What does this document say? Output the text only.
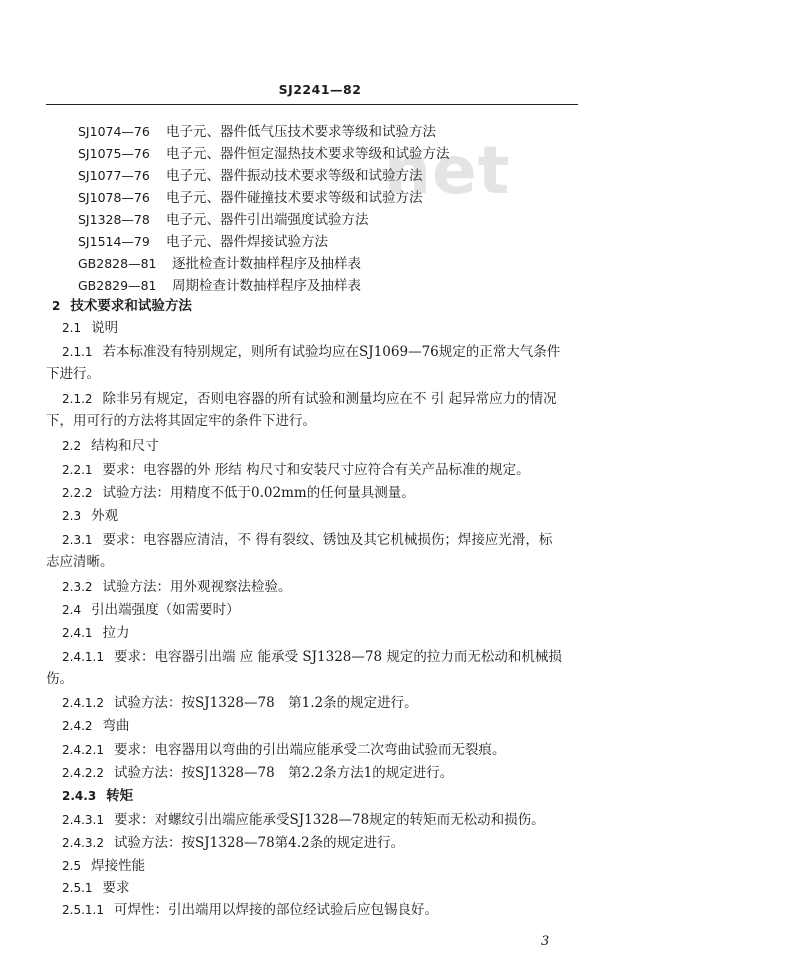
SJ2241—82
net
SJ1074—76 电子元、器件低气压技术要求等级和试验方法
SJ1075—76 电子元、器件恒定湿热技术要求等级和试验方法
SJ1077—76 电子元、器件振动技术要求等级和试验方法
SJ1078—76 电子元、器件碰撞技术要求等级和试验方法
SJ1328—78 电子元、器件引出端强度试验方法
SJ1514—79 电子元、器件焊接试验方法
GB2828—81 逐批检查计数抽样程序及抽样表
GB2829—81 周期检查计数抽样程序及抽样表
2 技术要求和试验方法
2.1 说明
2.1.1 若本标准没有特别规定，则所有试验均应在SJ1069—76规定的正常大气条件
下进行。
2.1.2 除非另有规定，否则电容器的所有试验和测量均应在不 引 起异常应力的情况
下，用可行的方法将其固定牢的条件下进行。
2.2 结构和尺寸
2.2.1 要求：电容器的外 形结 构尺寸和安装尺寸应符合有关产品标准的规定。
2.2.2 试验方法：用精度不低于0.02mm的任何量具测量。
2.3 外观
2.3.1 要求：电容器应清洁，不 得有裂纹、锈蚀及其它机械损伤；焊接应光滑，标
志应清晰。
2.3.2 试验方法：用外观视察法检验。
2.4 引出端强度（如需要时）
2.4.1 拉力
2.4.1.1 要求：电容器引出端 应 能承受 SJ1328—78 规定的拉力而无松动和机械损
伤。
2.4.1.2 试验方法：按SJ1328—78　第1.2条的规定进行。
2.4.2 弯曲
2.4.2.1 要求：电容器用以弯曲的引出端应能承受二次弯曲试验而无裂痕。
2.4.2.2 试验方法：按SJ1328—78　第2.2条方法1的规定进行。
2.4.3 转矩
2.4.3.1 要求：对螺纹引出端应能承受SJ1328—78规定的转矩而无松动和损伤。
2.4.3.2 试验方法：按SJ1328—78第4.2条的规定进行。
2.5 焊接性能
2.5.1 要求
2.5.1.1 可焊性：引出端用以焊接的部位经试验后应包锡良好。
3
